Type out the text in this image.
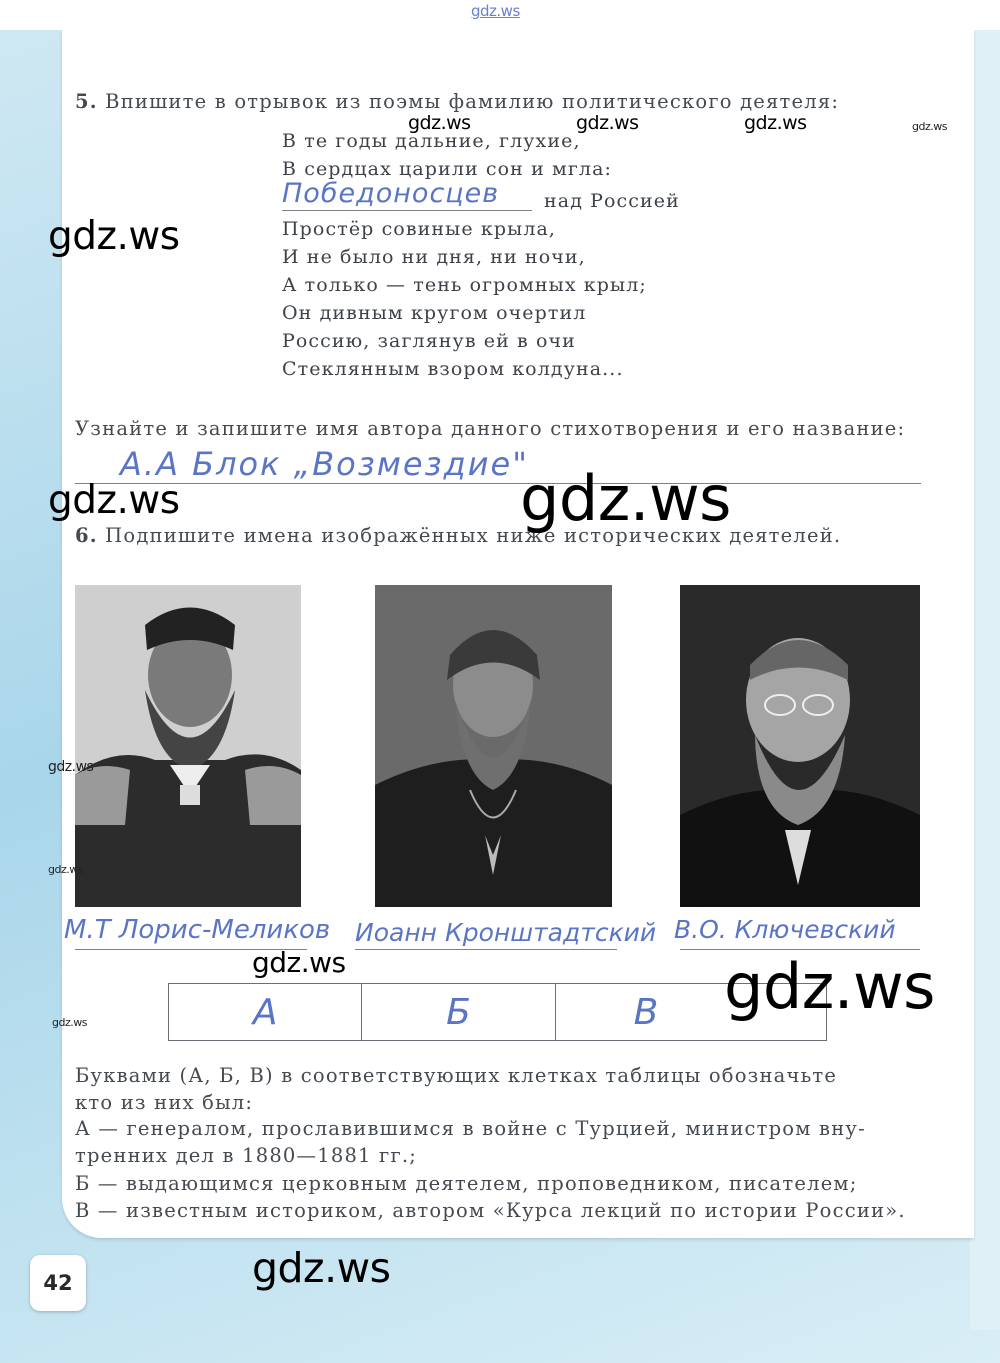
gdz.ws
5. Впишите в отрывок из поэмы фамилию политического деятеля:
В те годы дальние, глухие,
В сердцах царили сон и мгла:
Победоносцев над Россией
Простёр совиные крыла,
И не было ни дня, ни ночи,
А только — тень огромных крыл;
Он дивным кругом очертил
Россию, заглянув ей в очи
Стеклянным взором колдуна...
Узнайте и запишите имя автора данного стихотворения и его название:
А.А Блок „Возмездие"
6. Подпишите имена изображённых ниже исторических деятелей.
М.Т Лорис-Меликов Иоанн Кронштадтский В.О. Ключевский
А	Б	В
Буквами (А, Б, В) в соответствующих клетках таблицы обозначьте
кто из них был:
А — генералом, прославившимся в войне с Турцией, министром вну-
тренних дел в 1880—1881 гг.;
Б — выдающимся церковным деятелем, проповедником, писателем;
В — известным историком, автором «Курса лекций по истории России».
42
gdz.ws	gdz.ws	gdz.ws	gdz.ws
gdz.ws
gdz.ws	gdz.ws
gdz.ws
gdz.ws
gdz.ws	gdz.ws
gdz.ws
gdz.ws
